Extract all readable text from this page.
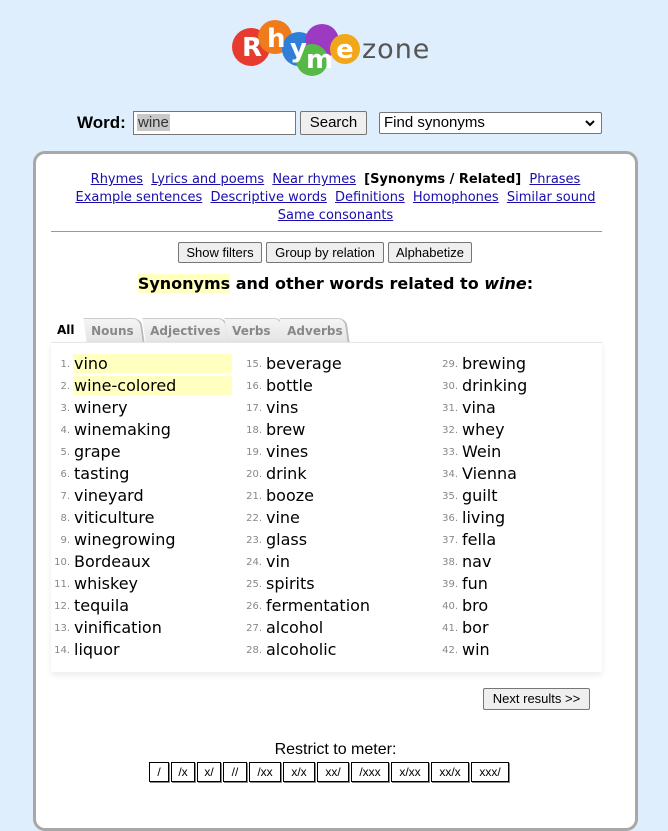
R h y m e zone
Word: wine	Search	Find synonyms
Rhymes Lyrics and poems Near rhymes [Synonyms / Related] Phrases
Example sentences Descriptive words Definitions Homophones Similar sound
Same consonants
Show filters	Group by relation	Alphabetize
Synonyms and other words related to wine:
All	Nouns	Adjectives Verbs	Adverbs
1. vino
2. wine-colored
3. winery
4. winemaking
5. grape
6. tasting
7. vineyard
8. viticulture
9. winegrowing
10. Bordeaux
11. whiskey
12. tequila
13. vinification
14. liquor
15. beverage
16. bottle
17. vins
18. brew
19. vines
20. drink
21. booze
22. vine
23. glass
24. vin
25. spirits
26. fermentation
27. alcohol
28. alcoholic
29. brewing
30. drinking
31. vina
32. whey
33. Wein
34. Vienna
35. guilt
36. living
37. fella
38. nav
39. fun
40. bro
41. bor
42. win
Next results >>
Restrict to meter:
/	/x	x/	//	/xx	x/x	xx/	/xxx	x/xx	xx/x	xxx/
